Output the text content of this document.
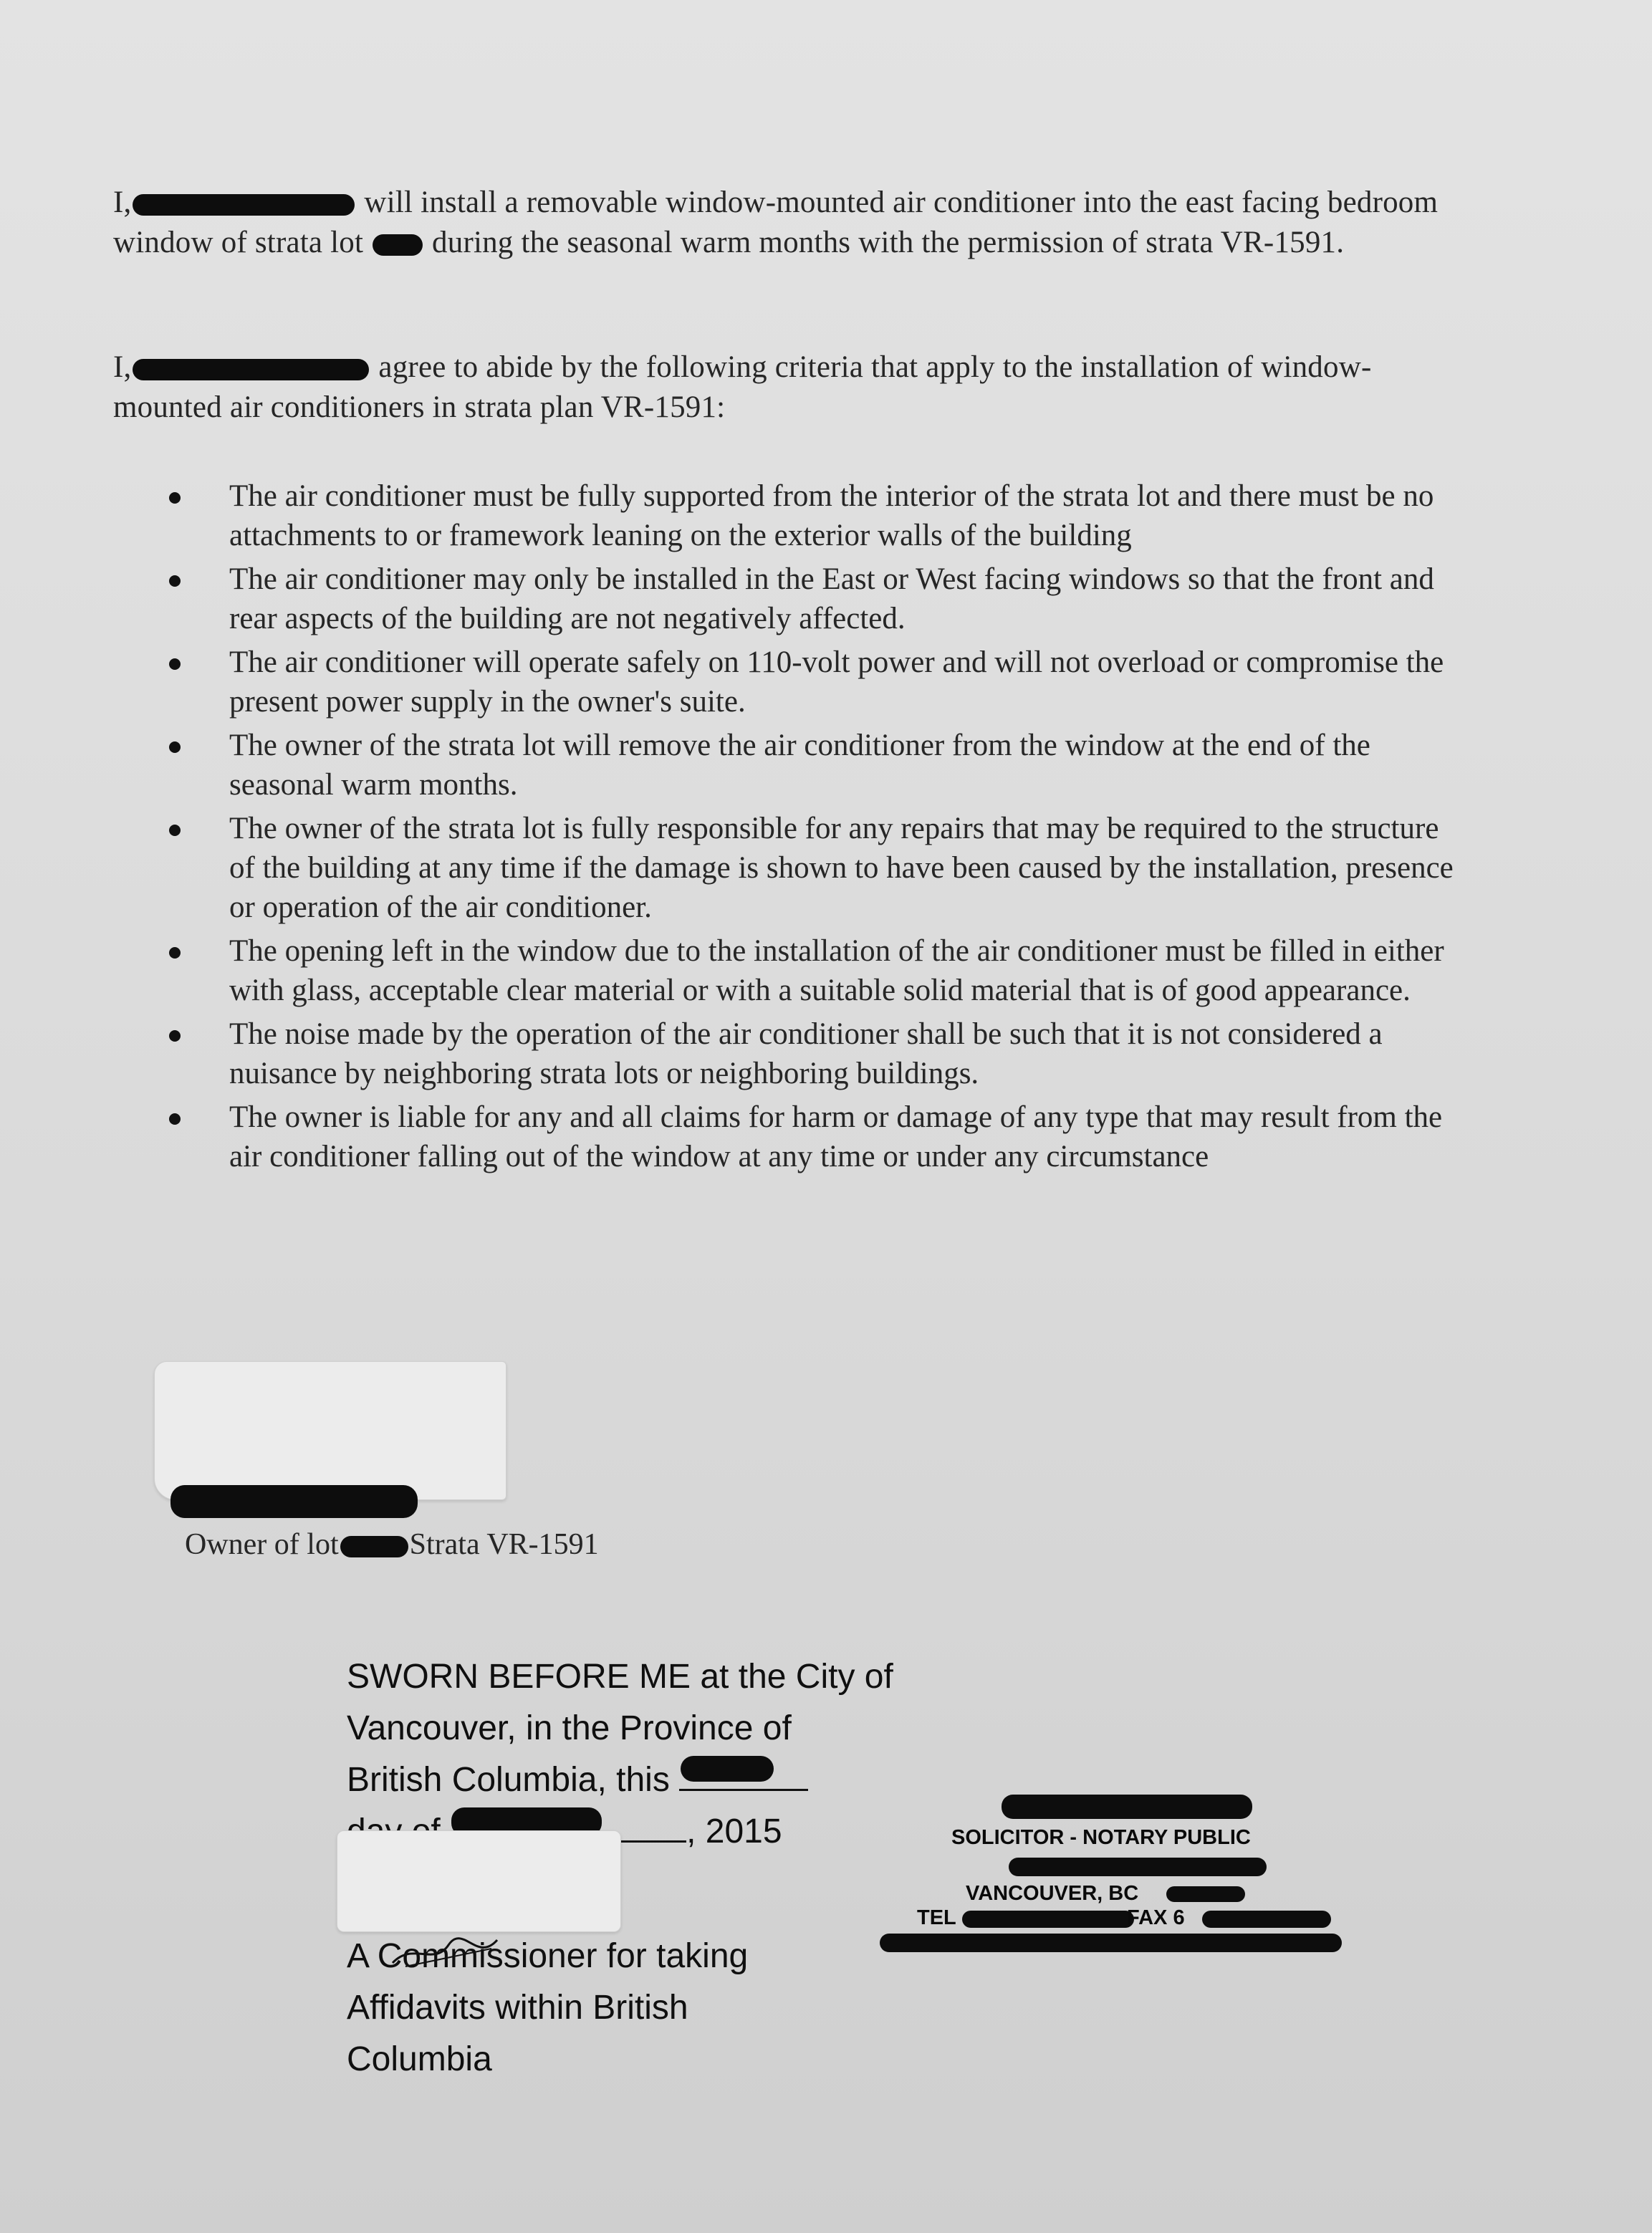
I,	will install a removable window-mounted air conditioner into the east facing bedroom window of strata lot  during the seasonal warm months with the permission of strata VR-1591.
I,	agree to abide by the following criteria that apply to the installation of window-mounted air conditioners in strata plan VR-1591:
The air conditioner must be fully supported from the interior of the strata lot and there must be no attachments to or framework leaning on the exterior walls of the building
The air conditioner may only be installed in the East or West facing windows so that the front and rear aspects of the building are not negatively affected.
The air conditioner will operate safely on 110-volt power and will not overload or compromise the present power supply in the owner's suite.
The owner of the strata lot will remove the air conditioner from the window at the end of the seasonal warm months.
The owner of the strata lot is fully responsible for any repairs that may be required to the structure of the building at any time if the damage is shown to have been caused by the installation, presence or operation of the air conditioner.
The opening left in the window due to the installation of the air conditioner must be filled in either with glass, acceptable clear material or with a suitable solid material that is of good appearance.
The noise made by the operation of the air conditioner shall be such that it is not considered a nuisance by neighboring strata lots or neighboring buildings.
The owner is liable for any and all claims for harm or damage of any type that may result from the air conditioner falling out of the window at any time or under any circumstance
Owner of lot Strata VR-1591
SWORN BEFORE ME at the City of
Vancouver, in the Province of
British Columbia, this
, 2015
A Commissioner for taking
Affidavits within British
Columbia
SOLICITOR - NOTARY PUBLIC
VANCOUVER, BC
TEL	FAX 6
